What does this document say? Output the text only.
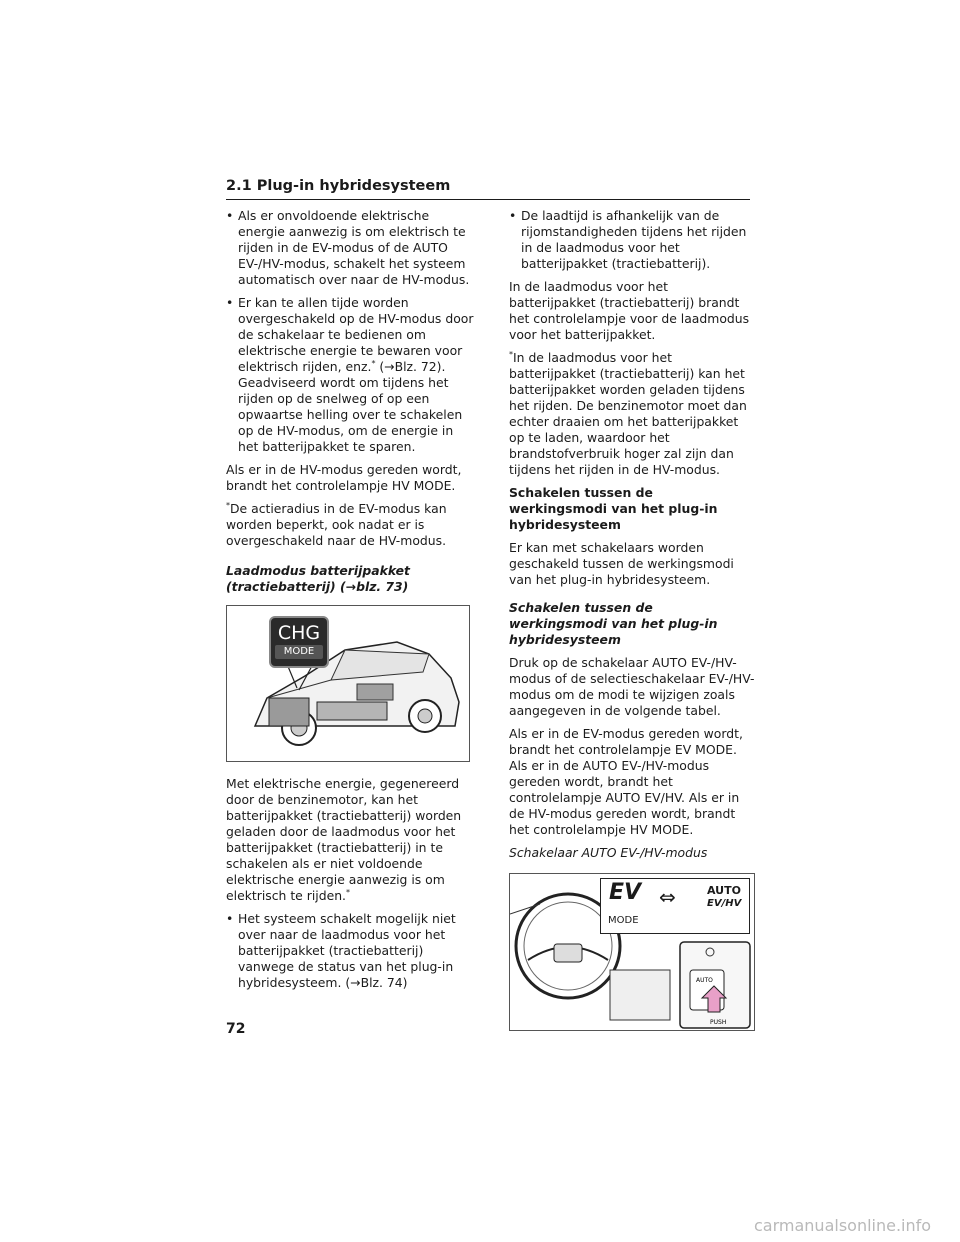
2.1 Plug-in hybridesysteem
• Als er onvoldoende elektrische energie aanwezig is om elektrisch te rijden in de EV-modus of de AUTO EV-/HV-modus, schakelt het systeem automatisch over naar de HV-modus.
• Er kan te allen tijde worden overgeschakeld op de HV-modus door de schakelaar te bedienen om elektrische energie te bewaren voor elektrisch rijden, enz.* (→Blz. 72). Geadviseerd wordt om tijdens het rijden op de snelweg of op een opwaartse helling over te schakelen op de HV-modus, om de energie in het batterijpakket te sparen.

Als er in de HV-modus gereden wordt, brandt het controlelampje HV MODE.

*De actieradius in de EV-modus kan worden beperkt, ook nadat er is overgeschakeld naar de HV-modus.

Laadmodus batterijpakket (tractiebatterij) (→blz. 73)

CHG
MODE

Met elektrische energie, gegenereerd door de benzinemotor, kan het batterijpakket (tractiebatterij) worden geladen door de laadmodus voor het batterijpakket (tractiebatterij) in te schakelen als er niet voldoende elektrische energie aanwezig is om elektrisch te rijden.*

• Het systeem schakelt mogelijk niet over naar de laadmodus voor het batterijpakket (tractiebatterij) vanwege de status van het plug-in hybridesysteem. (→Blz. 74)
• De laadtijd is afhankelijk van de rijomstandigheden tijdens het rijden in de laadmodus voor het batterijpakket (tractiebatterij).

In de laadmodus voor het batterijpakket (tractiebatterij) brandt het controlelampje voor de laadmodus voor het batterijpakket.

*In de laadmodus voor het batterijpakket (tractiebatterij) kan het batterijpakket worden geladen tijdens het rijden. De benzinemotor moet dan echter draaien om het batterijpakket op te laden, waardoor het brandstofverbruik hoger zal zijn dan tijdens het rijden in de HV-modus.

Schakelen tussen de werkingsmodi van het plug-in hybridesysteem

Er kan met schakelaars worden geschakeld tussen de werkingsmodi van het plug-in hybridesysteem.

Schakelen tussen de werkingsmodi van het plug-in hybridesysteem

Druk op de schakelaar AUTO EV-/HV-modus of de selectieschakelaar EV-/HV-modus om de modi te wijzigen zoals aangegeven in de volgende tabel.

Als er in de EV-modus gereden wordt, brandt het controlelampje EV MODE. Als er in de AUTO EV-/HV-modus gereden wordt, brandt het controlelampje AUTO EV/HV. Als er in de HV-modus gereden wordt, brandt het controlelampje HV MODE.

Schakelaar AUTO EV-/HV-modus

AUTO
PUSH
EV
MODE
⇔	AUTO
EV/HV
72
carmanualsonline.info
